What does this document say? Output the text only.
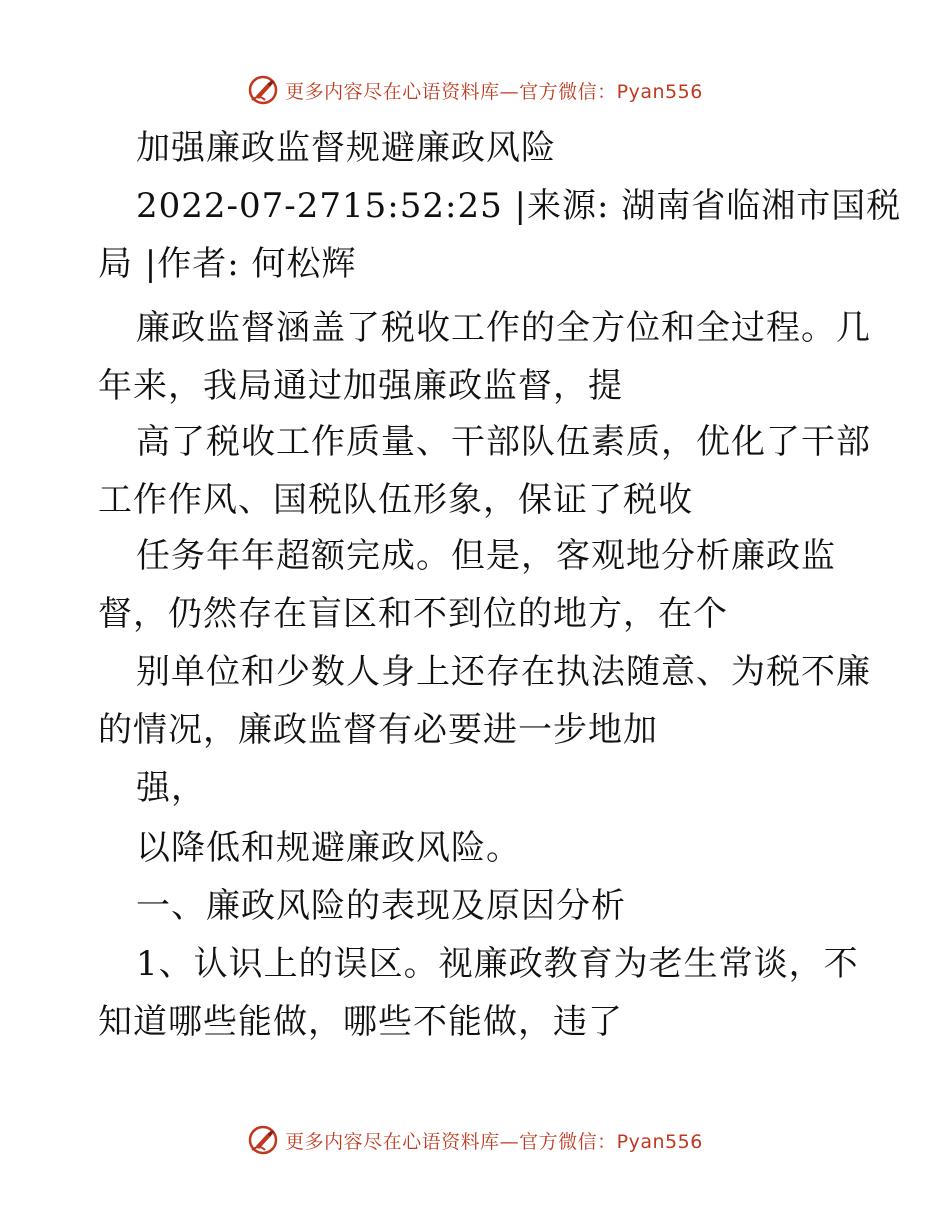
更多内容尽在心语资料库—官方微信：Pyan556
加强廉政监督规避廉政风险
2022-07-2715:52:25 |来源: 湖南省临湘市国税
局 |作者: 何松辉
廉政监督涵盖了税收工作的全方位和全过程。几
年来，我局通过加强廉政监督，提
高了税收工作质量、干部队伍素质，优化了干部
工作作风、国税队伍形象，保证了税收
任务年年超额完成。但是，客观地分析廉政监
督，仍然存在盲区和不到位的地方，在个
别单位和少数人身上还存在执法随意、为税不廉
的情况，廉政监督有必要进一步地加
强，
以降低和规避廉政风险。
一、廉政风险的表现及原因分析
1、认识上的误区。视廉政教育为老生常谈，不
知道哪些能做，哪些不能做，违了
更多内容尽在心语资料库—官方微信：Pyan556
